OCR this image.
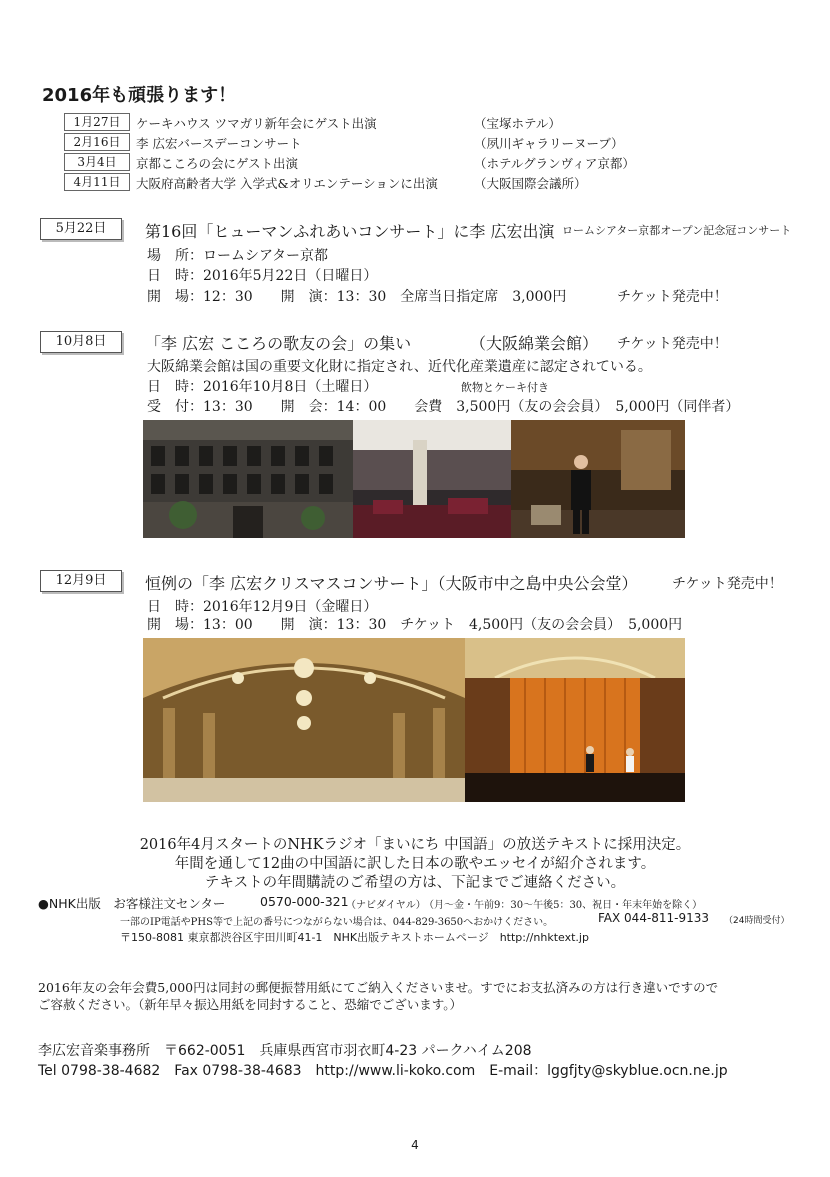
2016年も頑張ります！
1月27日	ケーキハウス ツマガリ新年会にゲスト出演	（宝塚ホテル）
2月16日	李 広宏バースデーコンサート	（夙川ギャラリーヌーブ）
3月4日	京都こころの会にゲスト出演	（ホテルグランヴィア京都）
4月11日	大阪府高齢者大学 入学式&オリエンテーションに出演	（大阪国際会議所）
5月22日	第16回「ヒューマンふれあいコンサート」に李 広宏出演 ロームシアター京都オープン記念冠コンサート
場　所：ロームシアター京都
日　時：2016年5月22日（日曜日）
開　場：12：30　　開　演：13：30　全席当日指定席　3,000円	チケット発売中！
10月8日	「李 広宏 こころの歌友の会」の集い	（大阪綿業会館） チケット発売中！
大阪綿業会館は国の重要文化財に指定され、近代化産業遺産に認定されている。
日　時：2016年10月8日（土曜日）	飲物とケーキ付き
受　付：13：30　　開　会：14：00　　会費　3,500円（友の会会員）　5,000円（同伴者）
12月9日	恒例の「李 広宏クリスマスコンサート」（大阪市中之島中央公会堂） チケット発売中！
日　時：2016年12月9日（金曜日）
開　場：13：00　　開　演：13：30　チケット　4,500円（友の会会員）　5,000円
2016年4月スタートのNHKラジオ「まいにち 中国語」の放送テキストに採用決定。
年間を通して12曲の中国語に訳した日本の歌やエッセイが紹介されます。
テキストの年間購読のご希望の方は、下記までご連絡ください。
●NHK出版　お客様注文センター	0570-000-321
（ナビダイヤル）
（月～金・午前9：30～午後5：30、祝日・年末年始を除く）
一部のIP電話やPHS等で上記の番号につながらない場合は、044-829-3650へおかけください。	FAX 044-811-9133 （24時間受付）
〒150-8081 東京都渋谷区宇田川町41-1　NHK出版テキストホームページ　http://nhktext.jp
2016年友の会年会費5,000円は同封の郵便振替用紙にてご納入くださいませ。すでにお支払済みの方は行き違いですので
ご容赦ください。（新年早々振込用紙を同封すること、恐縮でございます。）
李広宏音楽事務所　〒662-0051　兵庫県西宮市羽衣町4-23 パークハイム208
Tel 0798-38-4682　Fax 0798-38-4683　http://www.li-koko.com　E-mail：lggfjty@skyblue.ocn.ne.jp
4
